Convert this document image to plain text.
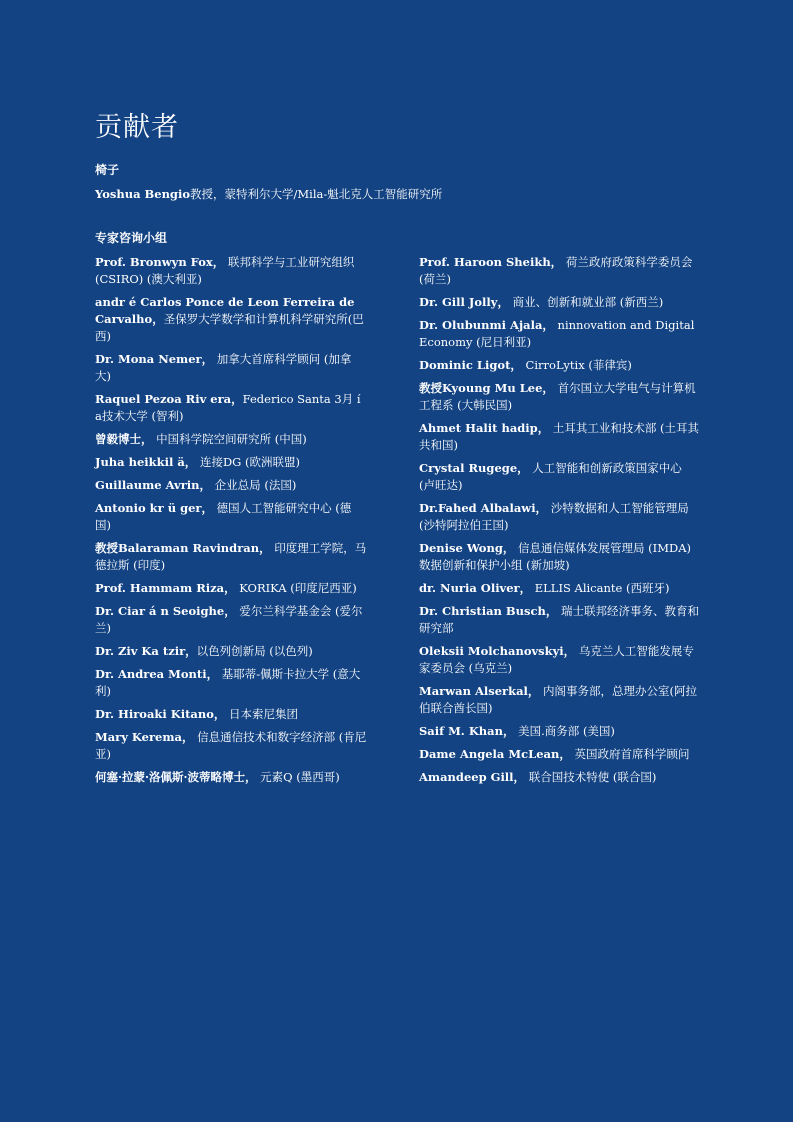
贡献者
椅子
Yoshua Bengio教授，蒙特利尔大学/Mila-魁北克人工智能研究所
专家咨询小组

Prof. Bronwyn Fox， 联邦科学与工业研究组织(CSIRO) (澳大利亚)

andr é Carlos Ponce de Leon Ferreira de Carvalho，圣保罗大学数学和计算机科学研究所(巴西)

Dr. Mona Nemer， 加拿大首席科学顾问 (加拿大)

Raquel Pezoa Riv era，Federico Santa 3月 í a技术大学 (智利)

曾毅博士， 中国科学院空间研究所 (中国)

Juha heikkil ä， 连接DG (欧洲联盟)

Guillaume Avrin， 企业总局 (法国)

Antonio kr ü ger， 德国人工智能研究中心 (德国)

教授Balaraman Ravindran， 印度理工学院，马德拉斯 (印度)

Prof. Hammam Riza， KORIKA (印度尼西亚)

Dr. Ciar á n Seoighe， 爱尔兰科学基金会 (爱尔兰)

Dr. Ziv Ka tzir，以色列创新局 (以色列)

Dr. Andrea Monti， 基耶蒂-佩斯卡拉大学 (意大利)

Dr. Hiroaki Kitano， 日本索尼集团

Mary Kerema， 信息通信技术和数字经济部 (肯尼亚)

何塞·拉蒙·洛佩斯·波蒂略博士， 元素Q (墨西哥)

Prof. Haroon Sheikh， 荷兰政府政策科学委员会 (荷兰)

Dr. Gill Jolly， 商业、创新和就业部 (新西兰)

Dr. Olubunmi Ajala， ninnovation and Digital Economy (尼日利亚)

Dominic Ligot， CirroLytix (菲律宾)

教授Kyoung Mu Lee， 首尔国立大学电气与计算机工程系 (大韩民国)

Ahmet Halit hadip， 土耳其工业和技术部 (土耳其共和国)

Crystal Rugege， 人工智能和创新政策国家中心 (卢旺达)

Dr.Fahed Albalawi， 沙特数据和人工智能管理局 (沙特阿拉伯王国)

Denise Wong， 信息通信媒体发展管理局 (IMDA) 数据创新和保护小组 (新加坡)

dr. Nuria Oliver， ELLIS Alicante (西班牙)

Dr. Christian Busch， 瑞士联邦经济事务、教育和研究部

Oleksii Molchanovskyi， 乌克兰人工智能发展专家委员会 (乌克兰)

Marwan Alserkal， 内阁事务部，总理办公室(阿拉伯联合酋长国)

Saif M. Khan， 美国.商务部 (美国)

Dame Angela McLean， 英国政府首席科学顾问

Amandeep Gill， 联合国技术特使 (联合国)
